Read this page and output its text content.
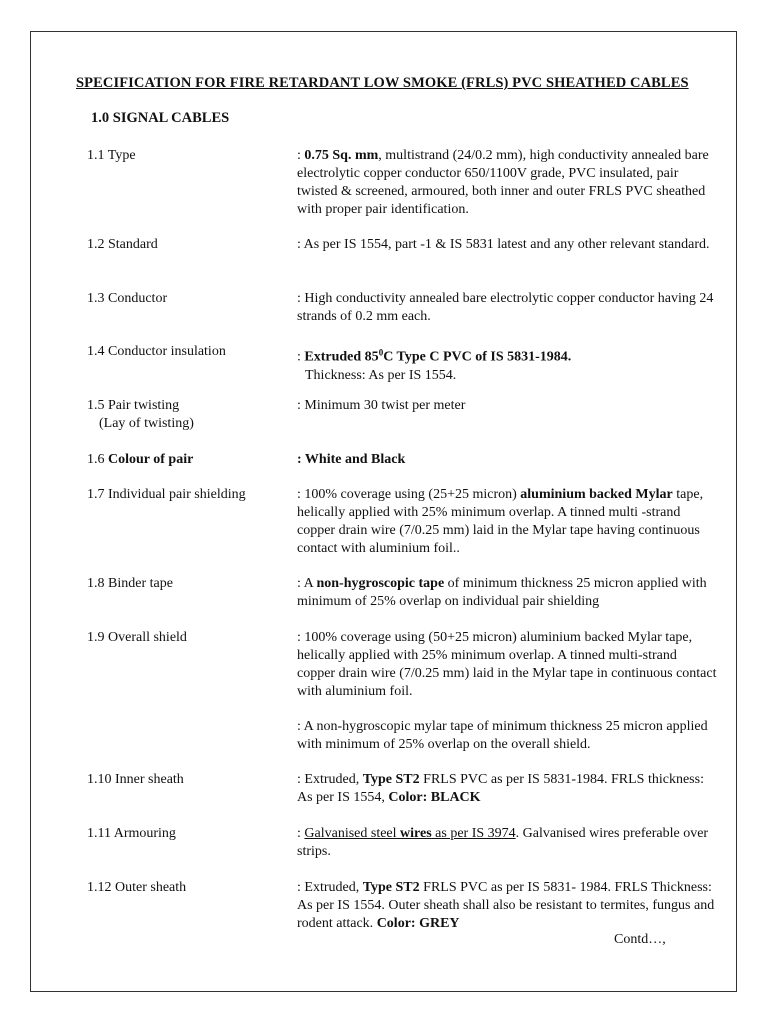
SPECIFICATION FOR FIRE RETARDANT LOW SMOKE (FRLS) PVC SHEATHED CABLES
1.0 SIGNAL CABLES
1.1 Type	: 0.75 Sq. mm, multistrand (24/0.2 mm), high conductivity annealed bare electrolytic copper conductor 650/1100V grade, PVC insulated, pair twisted & screened, armoured, both inner and outer FRLS PVC sheathed with proper pair identification.
1.2 Standard	: As per IS 1554, part -1 & IS 5831 latest and any other relevant standard.
1.3 Conductor	: High conductivity annealed bare electrolytic copper conductor having 24 strands of 0.2 mm each.
1.4 Conductor insulation	: Extruded $85^0C$ Type C PVC of IS 5831-1984.

Thickness: As per IS 1554.

1.5 Pair twisting
(Lay of twisting)
: Minimum 30 twist per meter
1.6 Colour of pair	: White and Black
1.7 Individual pair shielding	: 100% coverage using (25+25 micron) aluminium backed Mylar tape, helically applied with 25% minimum overlap. A tinned multi -strand copper drain wire (7/0.25 mm) laid in the Mylar tape having continuous contact with aluminium foil..
1.8 Binder tape	: A non-hygroscopic tape of minimum thickness 25 micron applied with minimum of 25% overlap on individual pair shielding
1.9 Overall shield	: 100% coverage using (50+25 micron) aluminium backed Mylar tape, helically applied with 25% minimum overlap. A tinned multi-strand copper drain wire (7/0.25 mm) laid in the Mylar tape in continuous contact with aluminium foil.
: A non-hygroscopic mylar tape of minimum thickness 25 micron applied with minimum of 25% overlap on the overall shield.
1.10 Inner sheath	: Extruded, Type ST2 FRLS PVC as per IS 5831-1984. FRLS thickness: As per IS 1554, Color: BLACK
1.11 Armouring	: Galvanised steel wires as per IS 3974. Galvanised wires preferable over strips.
1.12 Outer sheath	: Extruded, Type ST2 FRLS PVC as per IS 5831- 1984. FRLS Thickness: As per IS 1554. Outer sheath shall also be resistant to termites, fungus and rodent attack. Color: GREY
Contd…,
